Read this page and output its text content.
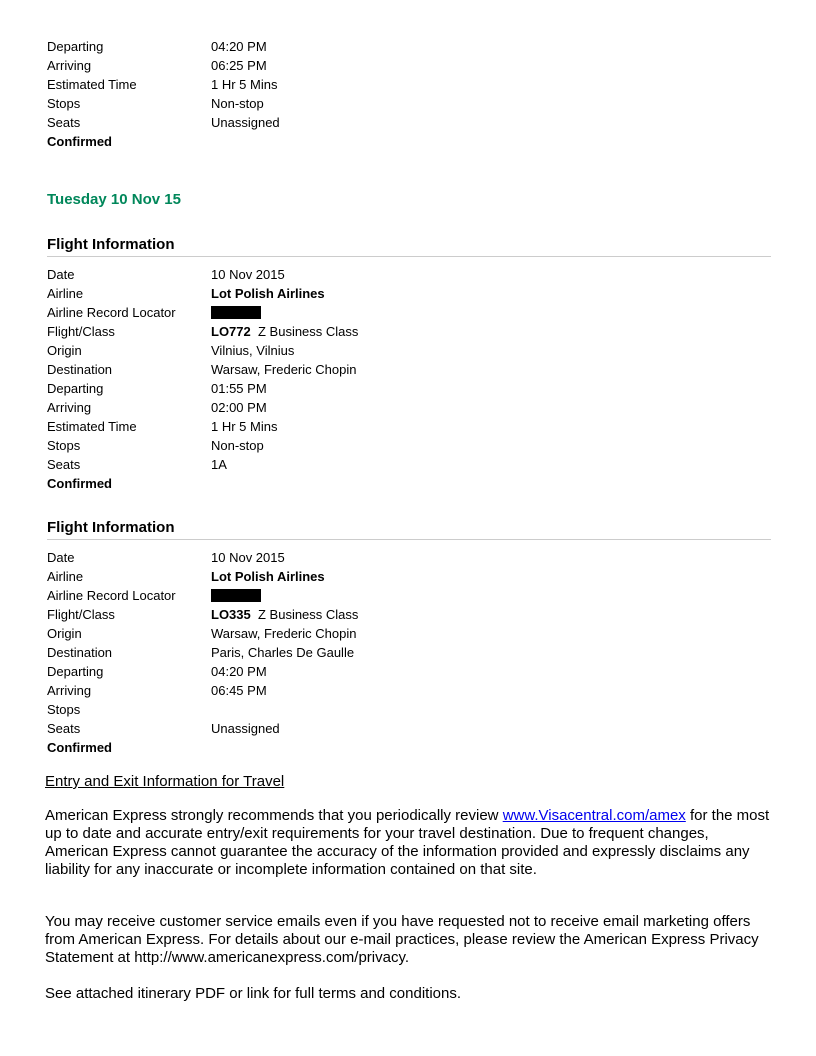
Departing	04:20 PM
Arriving	06:25 PM
Estimated Time	1 Hr 5 Mins
Stops	Non-stop
Seats	Unassigned
Confirmed
Tuesday 10 Nov 15
Flight Information
Date	10 Nov 2015
Airline	Lot Polish Airlines
Airline Record Locator
Flight/Class	LO772 Z Business Class
Origin	Vilnius, Vilnius
Destination	Warsaw, Frederic Chopin
Departing	01:55 PM
Arriving	02:00 PM
Estimated Time	1 Hr 5 Mins
Stops	Non-stop
Seats	1A
Confirmed
Flight Information
Date	10 Nov 2015
Airline	Lot Polish Airlines
Airline Record Locator
Flight/Class	LO335 Z Business Class
Origin	Warsaw, Frederic Chopin
Destination	Paris, Charles De Gaulle
Departing	04:20 PM
Arriving	06:45 PM
Stops
Seats	Unassigned
Confirmed
Entry and Exit Information for Travel
American Express strongly recommends that you periodically review www.Visacentral.com/amex for the most up to date and accurate entry/exit requirements for your travel destination. Due to frequent changes, American Express cannot guarantee the accuracy of the information provided and expressly disclaims any liability for any inaccurate or incomplete information contained on that site.
You may receive customer service emails even if you have requested not to receive email marketing offers from American Express. For details about our e-mail practices, please review the American Express Privacy Statement at http://www.americanexpress.com/privacy.
See attached itinerary PDF or link for full terms and conditions.
